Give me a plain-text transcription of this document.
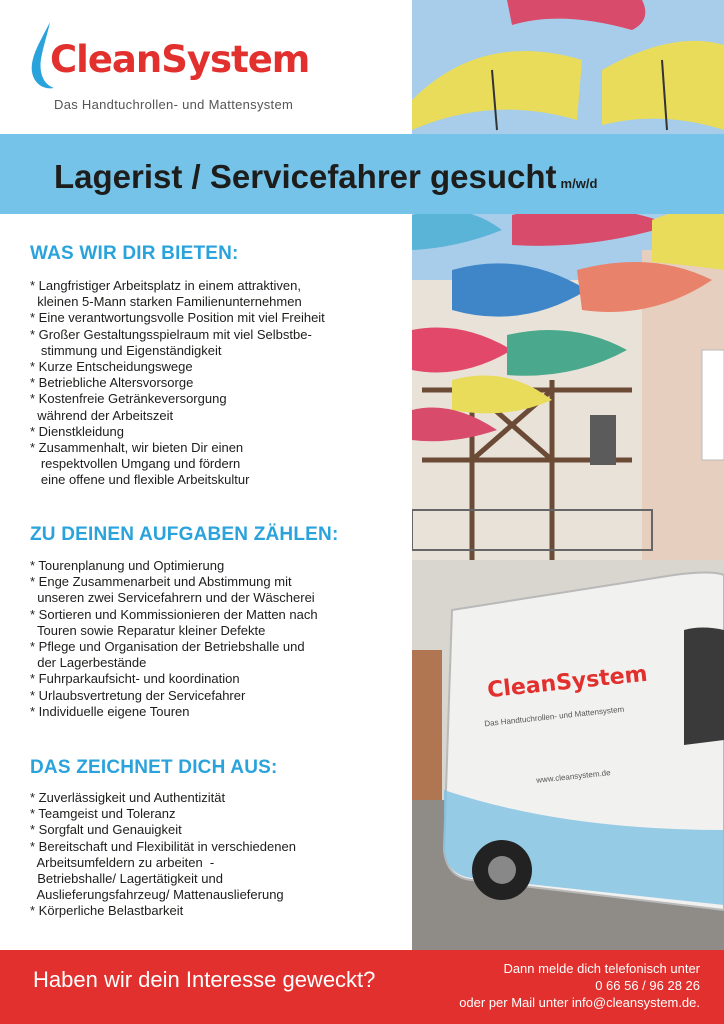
CleanSystem
Das Handtuchrollen- und Mattensystem
CleanSystem
Das Handtuchrollen- und Mattensystem
www.cleansystem.de
Lagerist / Servicefahrer gesucht m/w/d
WAS WIR DIR BIETEN:
* Langfristiger Arbeitsplatz in einem attraktiven,
kleinen 5-Mann starken Familienunternehmen
* Eine verantwortungsvolle Position mit viel Freiheit
* Großer Gestaltungsspielraum mit viel Selbstbe-
stimmung und Eigenständigkeit
* Kurze Entscheidungswege
* Betriebliche Altersvorsorge
* Kostenfreie Getränkeversorgung
während der Arbeitszeit
* Dienstkleidung
* Zusammenhalt, wir bieten Dir einen
respektvollen Umgang und fördern
eine offene und flexible Arbeitskultur
ZU DEINEN AUFGABEN ZÄHLEN:
* Tourenplanung und Optimierung
* Enge Zusammenarbeit und Abstimmung mit
unseren zwei Servicefahrern und der Wäscherei
* Sortieren und Kommissionieren der Matten nach
Touren sowie Reparatur kleiner Defekte
* Pflege und Organisation der Betriebshalle und
der Lagerbestände
* Fuhrparkaufsicht- und koordination
* Urlaubsvertretung der Servicefahrer
* Individuelle eigene Touren
DAS ZEICHNET DICH AUS:
* Zuverlässigkeit und Authentizität
* Teamgeist und Toleranz
* Sorgfalt und Genauigkeit
* Bereitschaft und Flexibilität in verschiedenen
Arbeitsumfeldern zu arbeiten  -
Betriebshalle/ Lagertätigkeit und
Auslieferungsfahrzeug/ Mattenauslieferung
* Körperliche Belastbarkeit
Haben wir dein Interesse geweckt?	Dann melde dich telefonisch unter
0 66 56 / 96 28 26
oder per Mail unter info@cleansystem.de.
